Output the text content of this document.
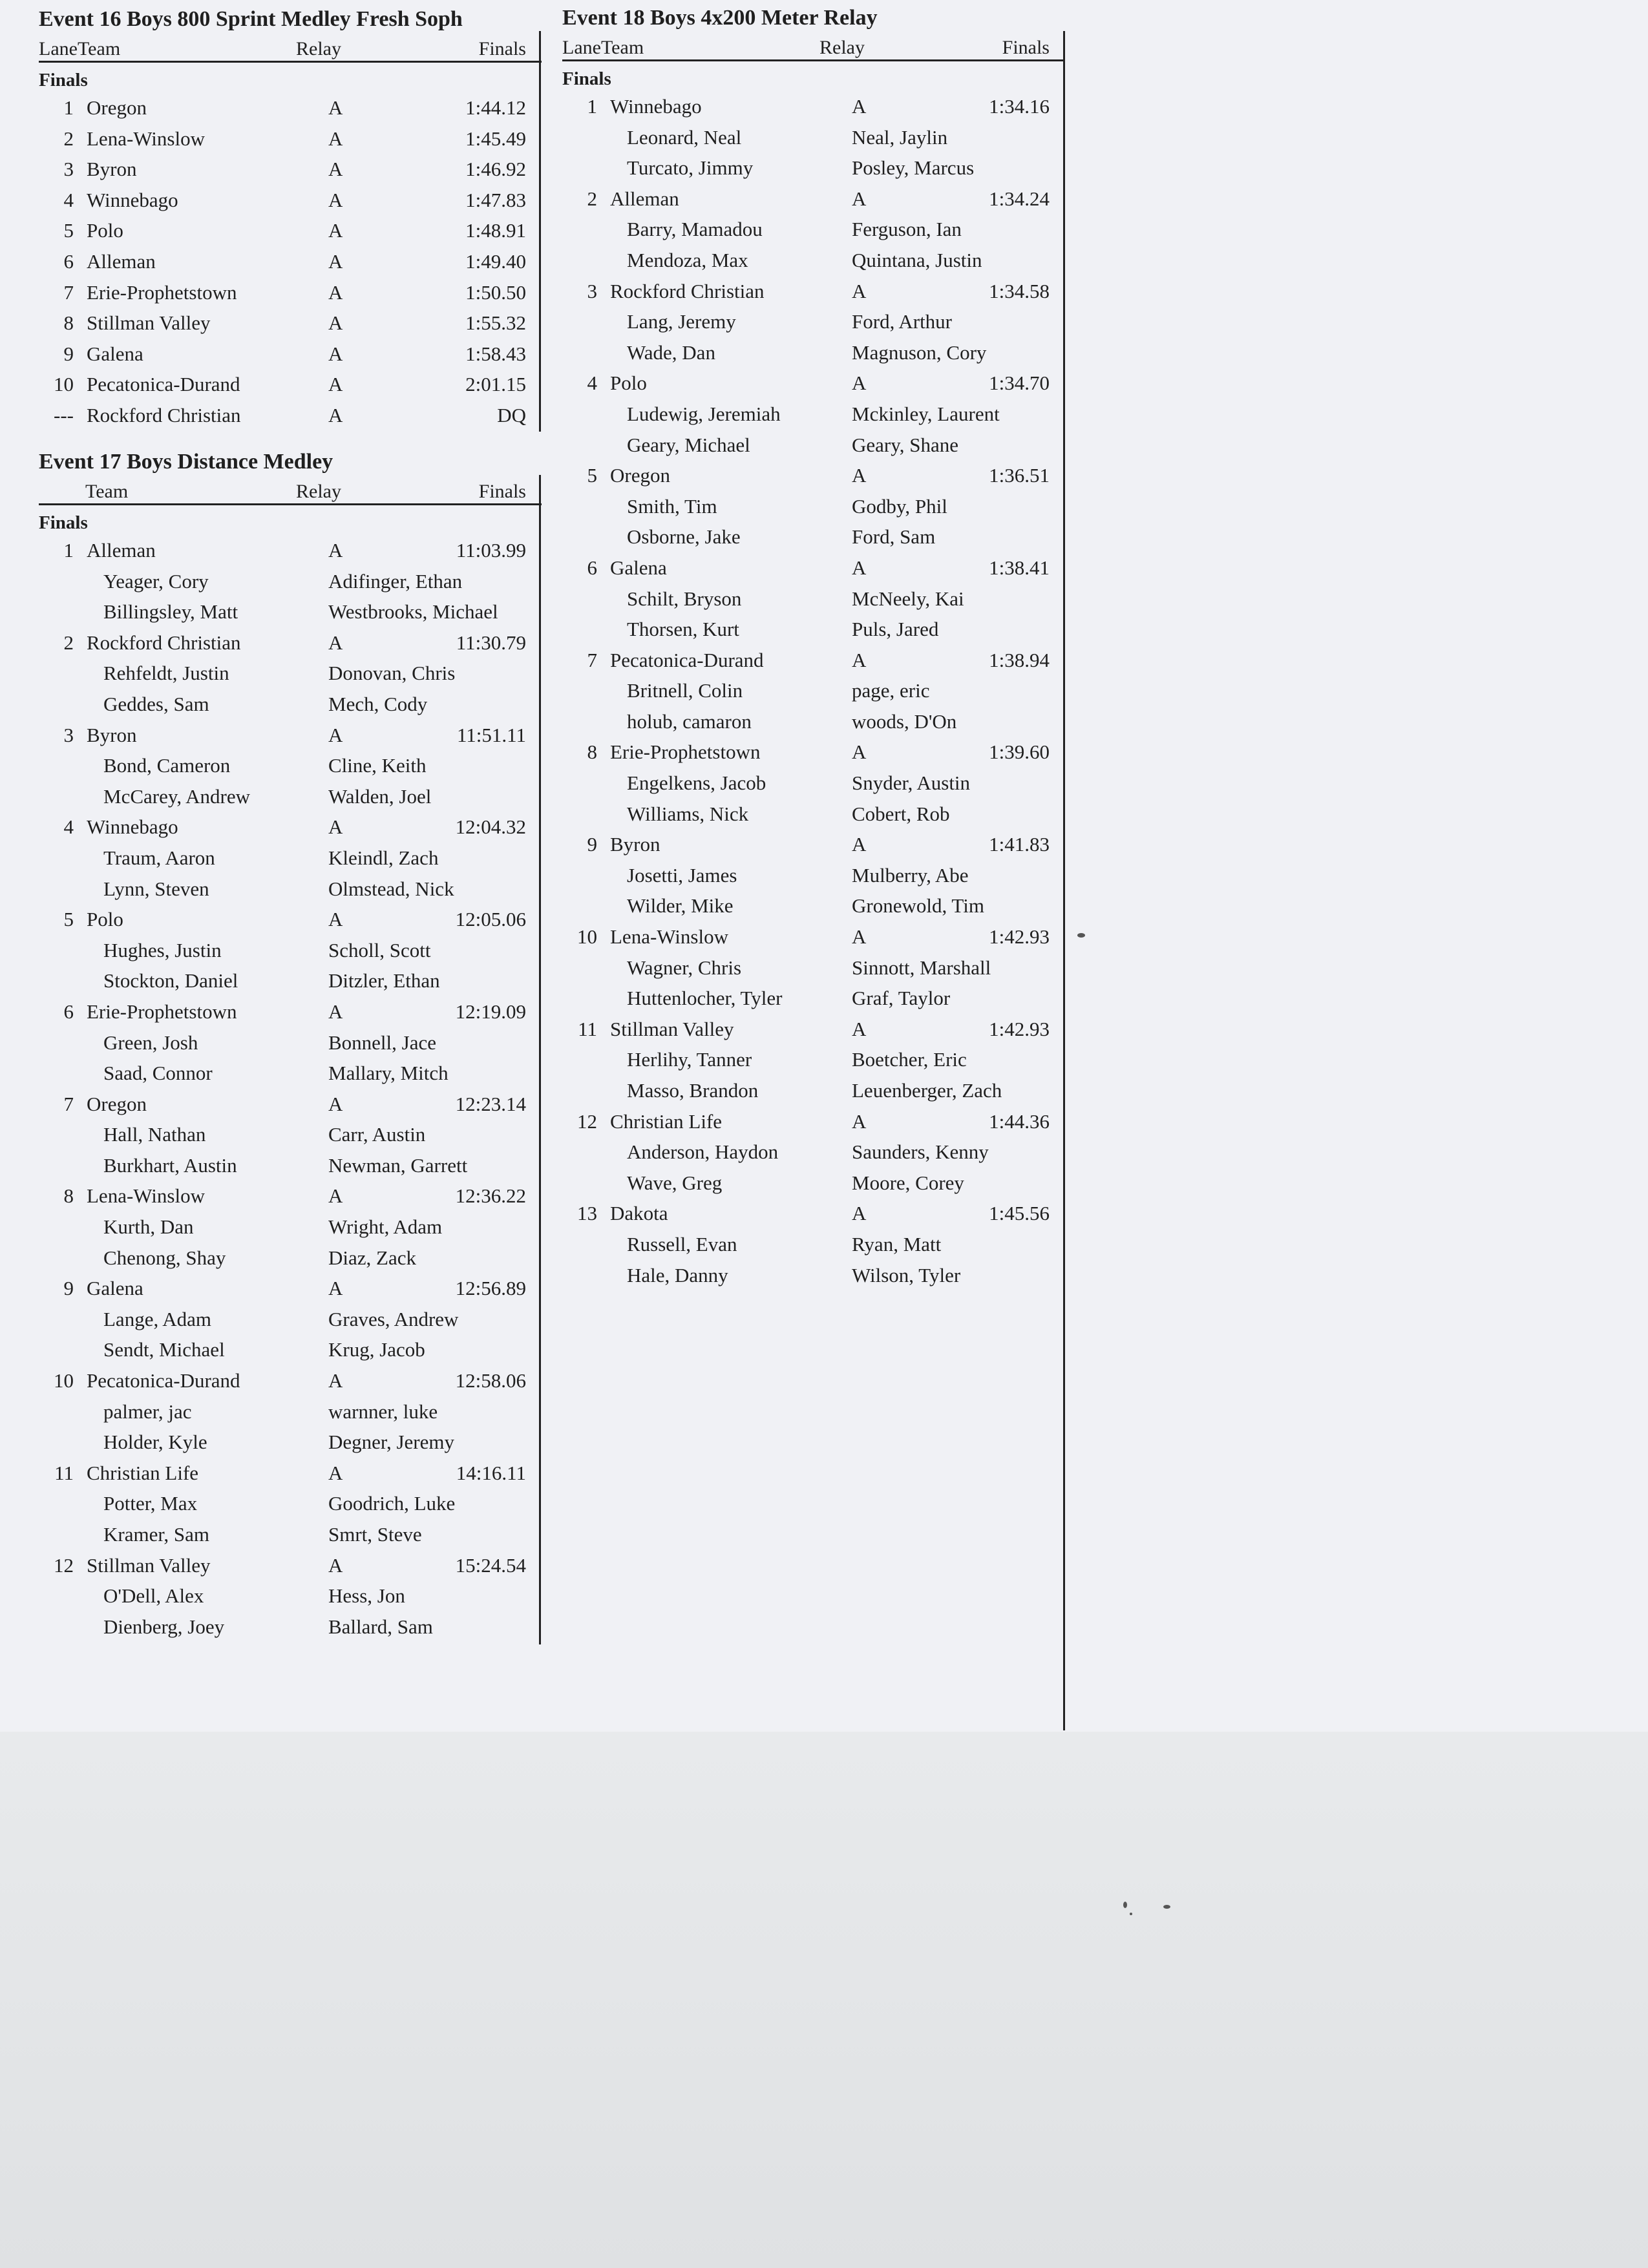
Event 16 Boys 800 Sprint Medley Fresh Soph
LaneTeam	Relay	Finals
Finals
1 Oregon	A	1:44.12
2 Lena-Winslow	A	1:45.49
3 Byron	A	1:46.92
4 Winnebago	A	1:47.83
5 Polo	A	1:48.91
6 Alleman	A	1:49.40
7 Erie-Prophetstown	A	1:50.50
8 Stillman Valley	A	1:55.32
9 Galena	A	1:58.43
10 Pecatonica-Durand	A	2:01.15
--- Rockford Christian	A	DQ
Event 17 Boys Distance Medley
Team	Relay	Finals
Finals
1 Alleman	A	11:03.99
Yeager, Cory	Adifinger, Ethan
Billingsley, Matt	Westbrooks, Michael
2 Rockford Christian	A	11:30.79
Rehfeldt, Justin	Donovan, Chris
Geddes, Sam	Mech, Cody
3 Byron	A	11:51.11
Bond, Cameron	Cline, Keith
McCarey, Andrew	Walden, Joel
4 Winnebago	A	12:04.32
Traum, Aaron	Kleindl, Zach
Lynn, Steven	Olmstead, Nick
5 Polo	A	12:05.06
Hughes, Justin	Scholl, Scott
Stockton, Daniel	Ditzler, Ethan
6 Erie-Prophetstown	A	12:19.09
Green, Josh	Bonnell, Jace
Saad, Connor	Mallary, Mitch
7 Oregon	A	12:23.14
Hall, Nathan	Carr, Austin
Burkhart, Austin	Newman, Garrett
8 Lena-Winslow	A	12:36.22
Kurth, Dan	Wright, Adam
Chenong, Shay	Diaz, Zack
9 Galena	A	12:56.89
Lange, Adam	Graves, Andrew
Sendt, Michael	Krug, Jacob
10 Pecatonica-Durand	A	12:58.06
palmer, jac	warnner, luke
Holder, Kyle	Degner, Jeremy
11 Christian Life	A	14:16.11
Potter, Max	Goodrich, Luke
Kramer, Sam	Smrt, Steve
12 Stillman Valley	A	15:24.54
O'Dell, Alex	Hess, Jon
Dienberg, Joey	Ballard, Sam
Event 18 Boys 4x200 Meter Relay
LaneTeam	Relay	Finals
Finals
1 Winnebago	A	1:34.16
Leonard, Neal	Neal, Jaylin
Turcato, Jimmy	Posley, Marcus
2 Alleman	A	1:34.24
Barry, Mamadou	Ferguson, Ian
Mendoza, Max	Quintana, Justin
3 Rockford Christian	A	1:34.58
Lang, Jeremy	Ford, Arthur
Wade, Dan	Magnuson, Cory
4 Polo	A	1:34.70
Ludewig, Jeremiah	Mckinley, Laurent
Geary, Michael	Geary, Shane
5 Oregon	A	1:36.51
Smith, Tim	Godby, Phil
Osborne, Jake	Ford, Sam
6 Galena	A	1:38.41
Schilt, Bryson	McNeely, Kai
Thorsen, Kurt	Puls, Jared
7 Pecatonica-Durand	A	1:38.94
Britnell, Colin	page, eric
holub, camaron	woods, D'On
8 Erie-Prophetstown	A	1:39.60
Engelkens, Jacob	Snyder, Austin
Williams, Nick	Cobert, Rob
9 Byron	A	1:41.83
Josetti, James	Mulberry, Abe
Wilder, Mike	Gronewold, Tim
10 Lena-Winslow	A	1:42.93
Wagner, Chris	Sinnott, Marshall
Huttenlocher, Tyler	Graf, Taylor
11 Stillman Valley	A	1:42.93
Herlihy, Tanner	Boetcher, Eric
Masso, Brandon	Leuenberger, Zach
12 Christian Life	A	1:44.36
Anderson, Haydon	Saunders, Kenny
Wave, Greg	Moore, Corey
13 Dakota	A	1:45.56
Russell, Evan	Ryan, Matt
Hale, Danny	Wilson, Tyler
